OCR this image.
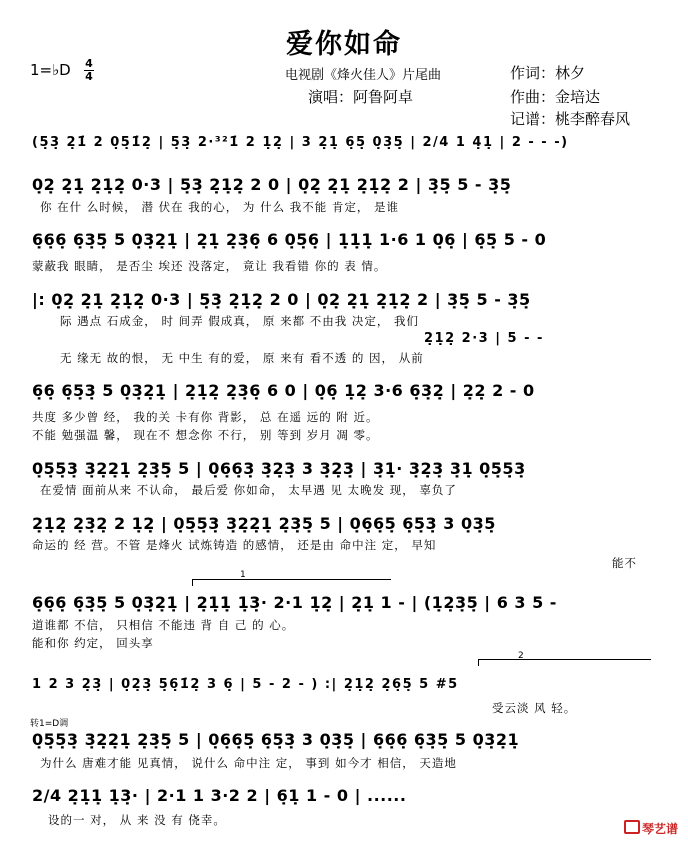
爱你如命
1=♭D 4
4	电视剧《烽火佳人》片尾曲
演唱：阿鲁阿卓
作词：林夕
作曲：金培达
记谱：桃李醉春风
(5̣3̣ 2̣1̇ 2 0̣5̣1̇2̣ | 5̣3̣ 2·³²1̇ 2 1̣2̣ | 3 2̣1̣ 6̣5̣ 0̣3̣5̣ | 2/4 1 4̣1̣ | 2 - - -)
0̣2̣ 2̣1̣ 2̣1̣2̣ 0·3 | 5̣3̣ 2̣1̣2̣ 2 0 | 0̣2̣ 2̣1̣ 2̣1̣2̣ 2 | 3̣5̣ 5 - 3̣5̣
你 在什 么时候， 潜 伏在 我的心， 为 什么 我不能 肯定， 是谁
6̣6̣6̣ 6̣3̣5̣ 5 0̣3̣2̣1̣ | 2̣1̣ 2̣3̣6̣ 6 0̣5̣6̣ | 1̣1̣1̣ 1·6 1 0̣6̣ | 6̣5̣ 5 - 0
蒙蔽我 眼睛， 是否尘 埃还 没落定， 竟让 我看错 你的 表 情。
|: 0̣2̣ 2̣1̣ 2̣1̣2̣ 0·3 | 5̣3̣ 2̣1̣2̣ 2 0 | 0̣2̣ 2̣1̣ 2̣1̣2̣ 2 | 3̣5̣ 5 - 3̣5̣
际 遇点 石成金， 时 间弄 假成真， 原 来都 不由我 决定， 我们
2̣1̣2̣ 2·3 | 5 - -
无 缘无 故的恨， 无 中生 有的爱， 原 来有 看不透 的 因， 从前
6̣6̣ 6̣5̣3̣ 5 0̣3̣2̣1̣ | 2̣1̣2̣ 2̣3̣6̣ 6 0 | 0̣6̣ 1̣2̣ 3·6 6̣3̣2̣ | 2̣2̣ 2 - 0
共度 多少曾 经， 我的关 卡有你 背影， 总 在遥 远的 附 近。
不能 勉强温 馨， 现在不 想念你 不行， 别 等到 岁月 凋 零。
0̣5̣5̣3̣ 3̣2̣2̣1̣ 2̣3̣5̣ 5 | 0̣6̣6̣3̣ 3̣2̣3̣ 3 3̣2̣3̣ | 3̣1̣· 3̣2̣3̣ 3̣1̣ 0̣5̣5̣3̣
在爱情 面前从来 不认命， 最后爱 你如命， 太早遇 见 太晚发 现， 辜负了
2̣1̣2̣ 2̣3̣2̣ 2 1̣2̣ | 0̣5̣5̣3̣ 3̣2̣2̣1̣ 2̣3̣5̣ 5 | 0̣6̣6̣5̣ 6̣5̣3̣ 3 0̣3̣5̣
命运的 经 营。不管 是烽火 试炼铸造 的感情， 还是由 命中注 定， 早知
能不
1
6̣6̣6̣ 6̣3̣5̣ 5 0̣3̣2̣1̣ | 2̣1̣1̣ 1̣3̣· 2·1 1̣2̣ | 2̣1̣ 1 - | (1̣2̣3̣5̣ | 6 3 5 -
道谁都 不信， 只相信 不能违 背 自 己 的 心。
能和你 约定， 回头享
2
1 2 3 2̣3̣ | 0̣2̣3̣ 5̣6̣1̇2̣ 3 6̣ | 5 - 2 - ) :| 2̣1̣2̣ 2̣6̣5̣ 5 #5
受云淡 风 轻。
转1=D调
0̣5̣5̣3̣ 3̣2̣2̣1̣ 2̣3̣5̣ 5 | 0̣6̣6̣5̣ 6̣5̣3̣ 3 0̣3̣5̣ | 6̣6̣6̣ 6̣3̣5̣ 5 0̣3̣2̣1̣
为什么 唐难才能 见真情， 说什么 命中注 定， 事到 如今才 相信， 天造地
2/4 2̣1̣1̣ 1̣3̣· | 2·1 1 3·2 2 | 6̣1̣ 1 - 0 | ......
设的一 对， 从 来 没 有 侥幸。
琴艺谱
